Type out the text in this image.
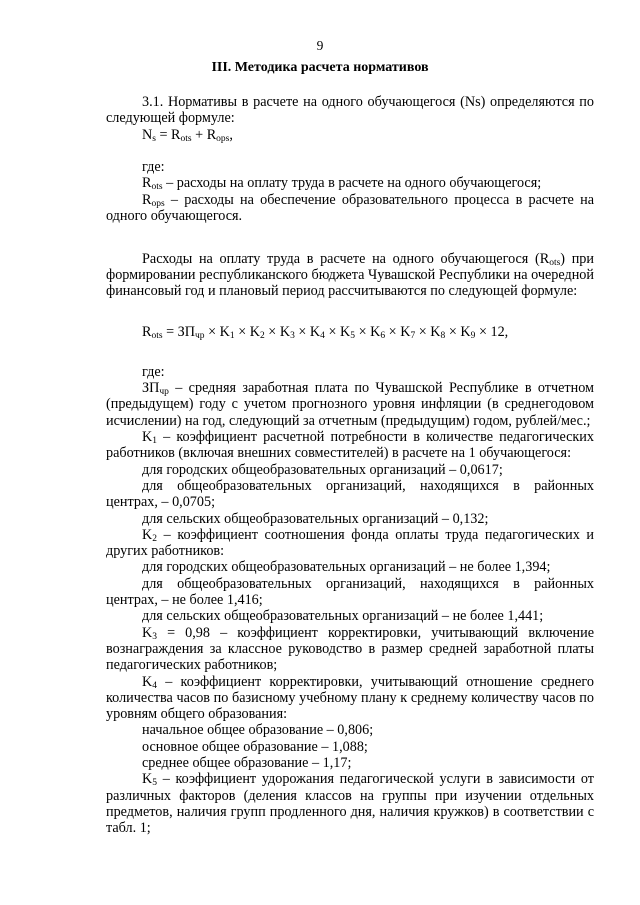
9
III. Методика расчета нормативов

3.1. Нормативы в расчете на одного обучающегося (Ns) определяются по следующей формуле:

$N_s = R_{ots} + R_{ops}$,

где:

$R_{ots}$ – расходы на оплату труда в расчете на одного обучающегося;

$R_{ops}$ – расходы на обеспечение образовательного процесса в расчете на одного обучающегося.

Расходы на оплату труда в расчете на одного обучающегося $(R_{ots})$ при формировании республиканского бюджета Чувашской Республики на очередной финансовый год и плановый период рассчитываются по следующей формуле:

$R_{ots} = ЗП_{чр} \times K_1 \times K_2 \times K_3 \times K_4 \times K_5 \times K_6 \times K_7 \times K_8 \times K_9 \times 12$,

где:

$ЗП_{чр}$ – средняя заработная плата по Чувашской Республике в отчетном (предыдущем) году с учетом прогнозного уровня инфляции (в среднегодовом исчислении) на год, следующий за отчетным (предыдущим) годом, рублей/мес.;

$K_1$ – коэффициент расчетной потребности в количестве педагогических работников (включая внешних совместителей) в расчете на 1 обучающегося:

для городских общеобразовательных организаций – 0,0617;

для общеобразовательных организаций, находящихся в районных центрах, – 0,0705;

для сельских общеобразовательных организаций – 0,132;

$K_2$ – коэффициент соотношения фонда оплаты труда педагогических и других работников:

для городских общеобразовательных организаций – не более 1,394;

для общеобразовательных организаций, находящихся в районных центрах, – не более 1,416;

для сельских общеобразовательных организаций – не более 1,441;

$K_3 = 0,98$ – коэффициент корректировки, учитывающий включение вознаграждения за классное руководство в размер средней заработной платы педагогических работников;

$K_4$ – коэффициент корректировки, учитывающий отношение среднего количества часов по базисному учебному плану к среднему количеству часов по уровням общего образования:

начальное общее образование – 0,806;

основное общее образование – 1,088;

среднее общее образование – 1,17;

$K_5$ – коэффициент удорожания педагогической услуги в зависимости от различных факторов (деления классов на группы при изучении отдельных предметов, наличия групп продленного дня, наличия кружков) в соответствии с табл. 1;
